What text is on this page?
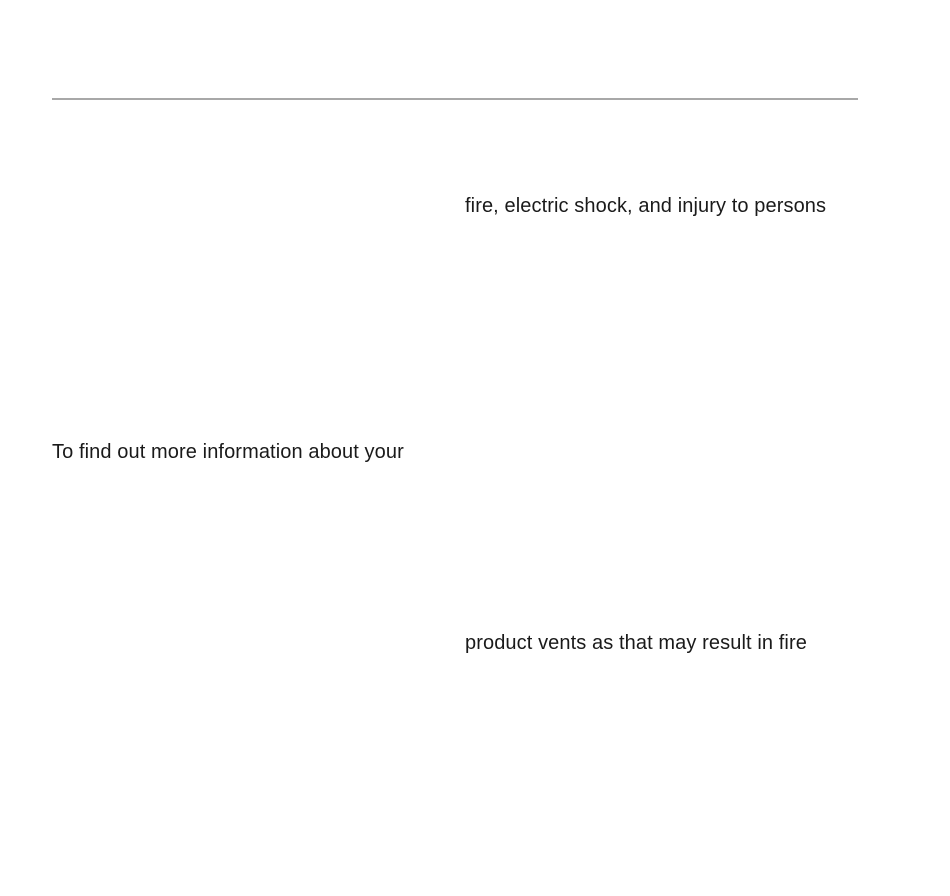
fire, electric shock, and injury to persons
To find out more information about your
product vents as that may result in fire
